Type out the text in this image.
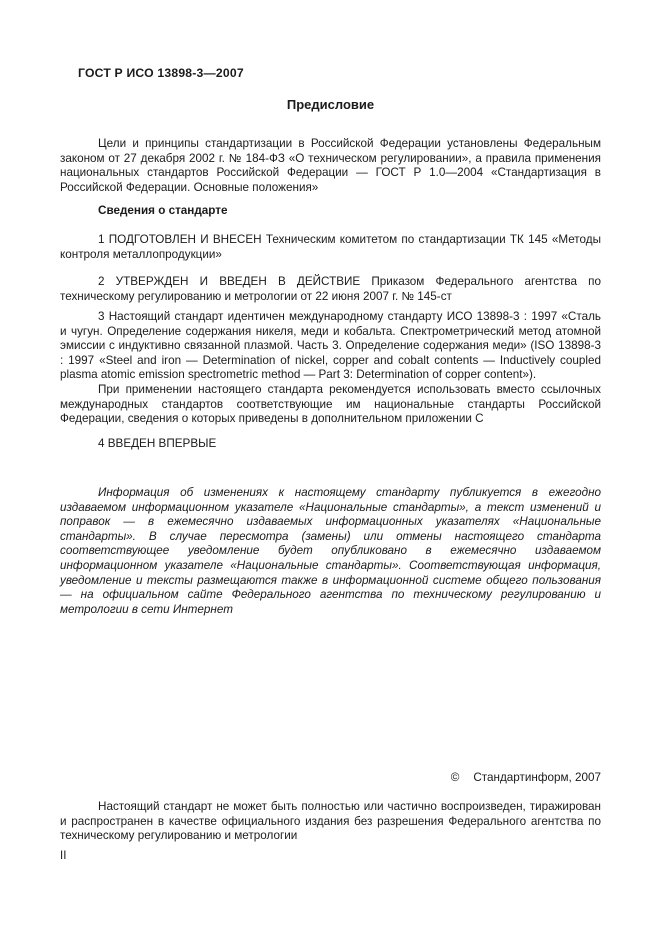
ГОСТ Р ИСО 13898-3—2007
Предисловие
Цели и принципы стандартизации в Российской Федерации установлены Федеральным законом от 27 декабря 2002 г. № 184-ФЗ «О техническом регулировании», а правила применения национальных стандартов Российской Федерации — ГОСТ Р 1.0—2004 «Стандартизация в Российской Федерации. Основные положения»
Сведения о стандарте
1 ПОДГОТОВЛЕН И ВНЕСЕН Техническим комитетом по стандартизации ТК 145 «Методы контроля металлопродукции»
2 УТВЕРЖДЕН И ВВЕДЕН В ДЕЙСТВИЕ Приказом Федерального агентства по техническому регулированию и метрологии от 22 июня 2007 г. № 145-ст
3 Настоящий стандарт идентичен международному стандарту ИСО 13898-3 : 1997 «Сталь и чугун. Определение содержания никеля, меди и кобальта. Спектрометрический метод атомной эмиссии с индуктивно связанной плазмой. Часть 3. Определение содержания меди» (ISO 13898-3 : 1997 «Steel and iron — Determination of nickel, copper and cobalt contents — Inductively coupled plasma atomic emission spectrometric method — Part 3: Determination of copper content»).
При применении настоящего стандарта рекомендуется использовать вместо ссылочных международных стандартов соответствующие им национальные стандарты Российской Федерации, сведения о которых приведены в дополнительном приложении С
4 ВВЕДЕН ВПЕРВЫЕ
Информация об изменениях к настоящему стандарту публикуется в ежегодно издаваемом информационном указателе «Национальные стандарты», а текст изменений и поправок — в ежемесячно издаваемых информационных указателях «Национальные стандарты». В случае пересмотра (замены) или отмены настоящего стандарта соответствующее уведомление будет опубликовано в ежемесячно издаваемом информационном указателе «Национальные стандарты». Соответствующая информация, уведомление и тексты размещаются также в информационной системе общего пользования — на официальном сайте Федерального агентства по техническому регулированию и метрологии в сети Интернет
© Стандартинформ, 2007
Настоящий стандарт не может быть полностью или частично воспроизведен, тиражирован и распространен в качестве официального издания без разрешения Федерального агентства по техническому регулированию и метрологии
II
